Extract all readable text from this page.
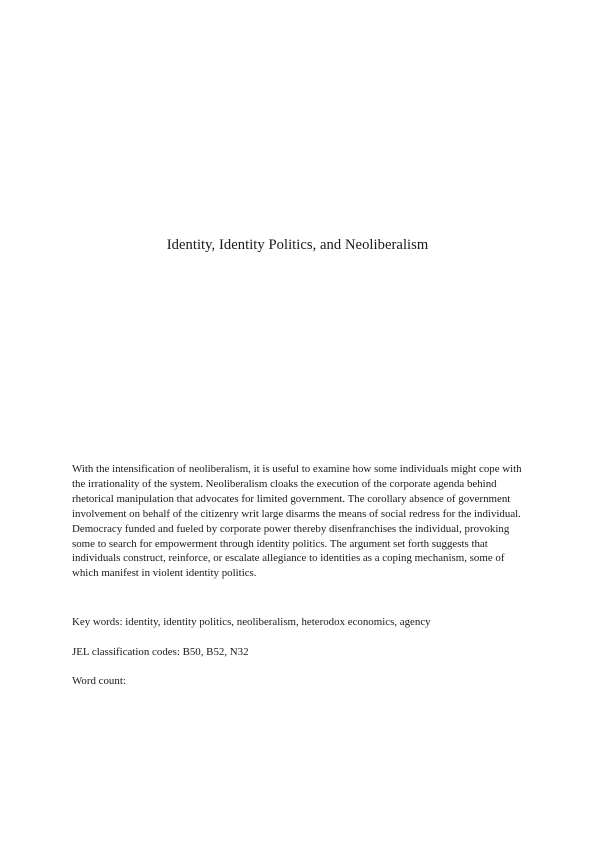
Identity, Identity Politics, and Neoliberalism

With the intensification of neoliberalism, it is useful to examine how some individuals might cope with the irrationality of the system. Neoliberalism cloaks the execution of the corporate agenda behind rhetorical manipulation that advocates for limited government. The corollary absence of government involvement on behalf of the citizenry writ large disarms the means of social redress for the individual. Democracy funded and fueled by corporate power thereby disenfranchises the individual, provoking some to search for empowerment through identity politics. The argument set forth suggests that individuals construct, reinforce, or escalate allegiance to identities as a coping mechanism, some of which manifest in violent identity politics.

Key words: identity, identity politics, neoliberalism, heterodox economics, agency

JEL classification codes: B50, B52, N32

Word count:
